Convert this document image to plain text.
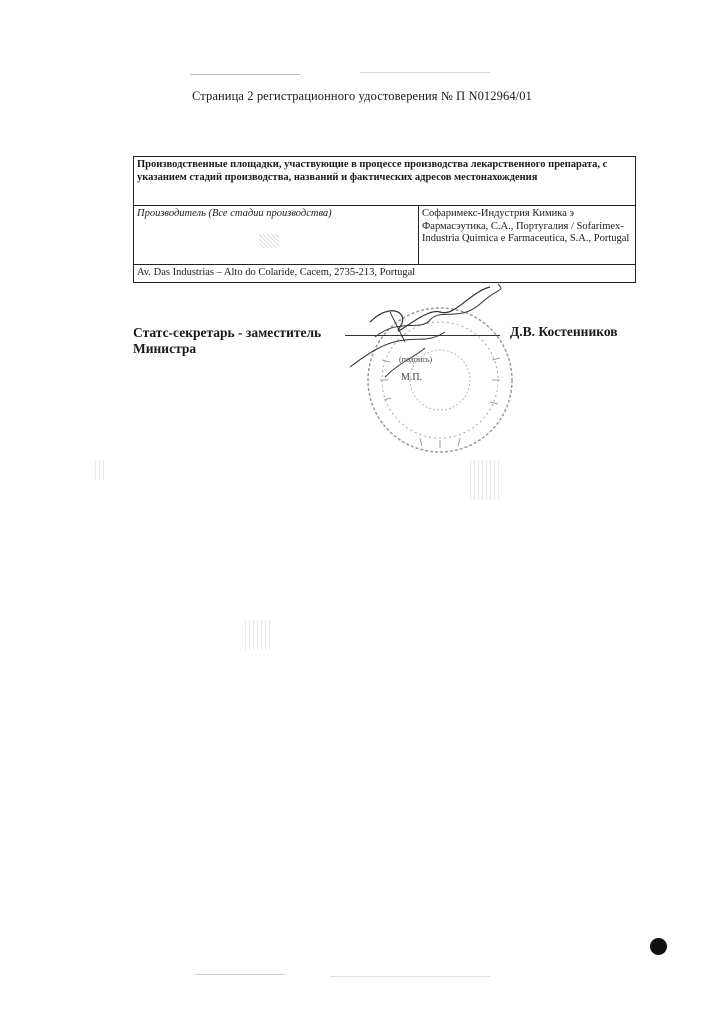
Страница 2 регистрационного удостоверения № П N012964/01
Производственные площадки, участвующие в процессе производства лекарственного препарата, с указанием стадий производства, названий и фактических адресов местонахождения
Производитель (Все стадии производства)	Софаримекс-Индустрия Кимика э Фармасэутика, С.А., Португалия / Sofarimex-Industria Quimica e Farmaceutica, S.A., Portugal
Av. Das Industrias – Alto do Colaride, Cacem, 2735-213, Portugal
Статс-секретарь - заместитель
Министра
Д.В. Костенников
(подпись)
М.П.
